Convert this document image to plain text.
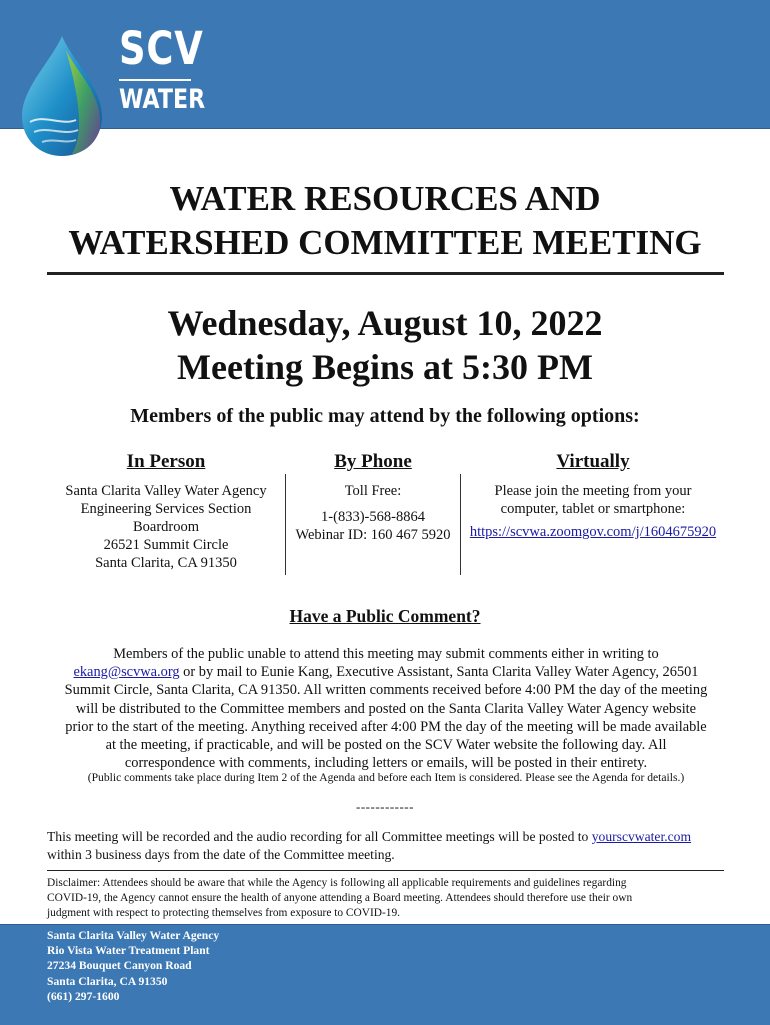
SCV
WATER
WATER RESOURCES AND
WATERSHED COMMITTEE MEETING
Wednesday, August 10, 2022
Meeting Begins at 5:30 PM
Members of the public may attend by the following options:
In Person
Santa Clarita Valley Water Agency
Engineering Services Section
Boardroom
26521 Summit Circle
Santa Clarita, CA 91350
By Phone
Toll Free:
1-(833)-568-8864
Webinar ID: 160 467 5920
Virtually
Please join the meeting from your
computer, tablet or smartphone:
https://scvwa.zoomgov.com/j/1604675920
Have a Public Comment?
Members of the public unable to attend this meeting may submit comments either in writing to
ekang@scvwa.org or by mail to Eunie Kang, Executive Assistant, Santa Clarita Valley Water Agency, 26501
Summit Circle, Santa Clarita, CA 91350. All written comments received before 4:00 PM the day of the meeting
will be distributed to the Committee members and posted on the Santa Clarita Valley Water Agency website
prior to the start of the meeting. Anything received after 4:00 PM the day of the meeting will be made available
at the meeting, if practicable, and will be posted on the SCV Water website the following day. All
correspondence with comments, including letters or emails, will be posted in their entirety.
(Public comments take place during Item 2 of the Agenda and before each Item is considered. Please see the Agenda for details.)
------------
This meeting will be recorded and the audio recording for all Committee meetings will be posted to yourscvwater.com
within 3 business days from the date of the Committee meeting.
Disclaimer: Attendees should be aware that while the Agency is following all applicable requirements and guidelines regarding
COVID-19, the Agency cannot ensure the health of anyone attending a Board meeting. Attendees should therefore use their own
judgment with respect to protecting themselves from exposure to COVID-19.
Santa Clarita Valley Water Agency
Rio Vista Water Treatment Plant
27234 Bouquet Canyon Road
Santa Clarita, CA 91350
(661) 297-1600
